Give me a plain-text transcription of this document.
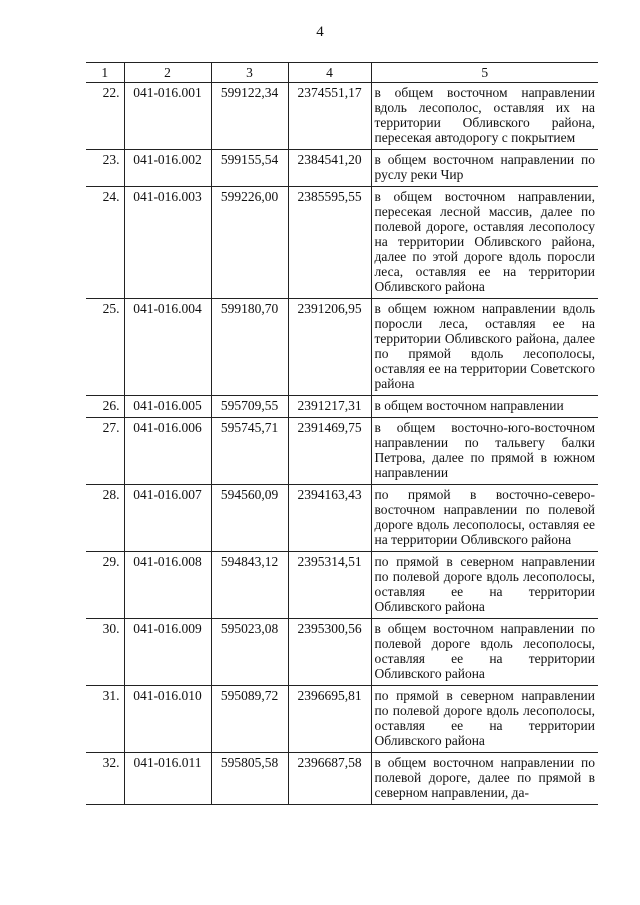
4
1	2	3	4	5
22.	041-016.001	599122,34	2374551,17	в общем восточном направлении вдоль лесополос, оставляя их на территории Обливского района, пересекая автодорогу с покрытием
23.	041-016.002	599155,54	2384541,20	в общем восточном направлении по руслу реки Чир
24.	041-016.003	599226,00	2385595,55	в общем восточном направлении, пересекая лесной массив, далее по полевой дороге, оставляя лесополосу на территории Обливского района, далее по этой дороге вдоль поросли леса, оставляя ее на территории Обливского района
25.	041-016.004	599180,70	2391206,95	в общем южном направлении вдоль поросли леса, оставляя ее на территории Обливского района, далее по прямой вдоль лесополосы, оставляя ее на территории Советского района
26.	041-016.005	595709,55	2391217,31	в общем восточном направлении
27.	041-016.006	595745,71	2391469,75	в общем восточно-юго-восточном направлении по тальвегу балки Петрова, далее по прямой в южном направлении
28.	041-016.007	594560,09	2394163,43	по прямой в восточно-северо-восточном направлении по полевой дороге вдоль лесополосы, оставляя ее на территории Обливского района
29.	041-016.008	594843,12	2395314,51	по прямой в северном направлении по полевой дороге вдоль лесополосы, оставляя ее на территории Обливского района
30.	041-016.009	595023,08	2395300,56	в общем восточном направлении по полевой дороге вдоль лесополосы, оставляя ее на территории Обливского района
31.	041-016.010	595089,72	2396695,81	по прямой в северном направлении по полевой дороге вдоль лесополосы, оставляя ее на территории Обливского района
32.	041-016.011	595805,58	2396687,58	в общем восточном направлении по полевой дороге, далее по прямой в северном направлении, да-
